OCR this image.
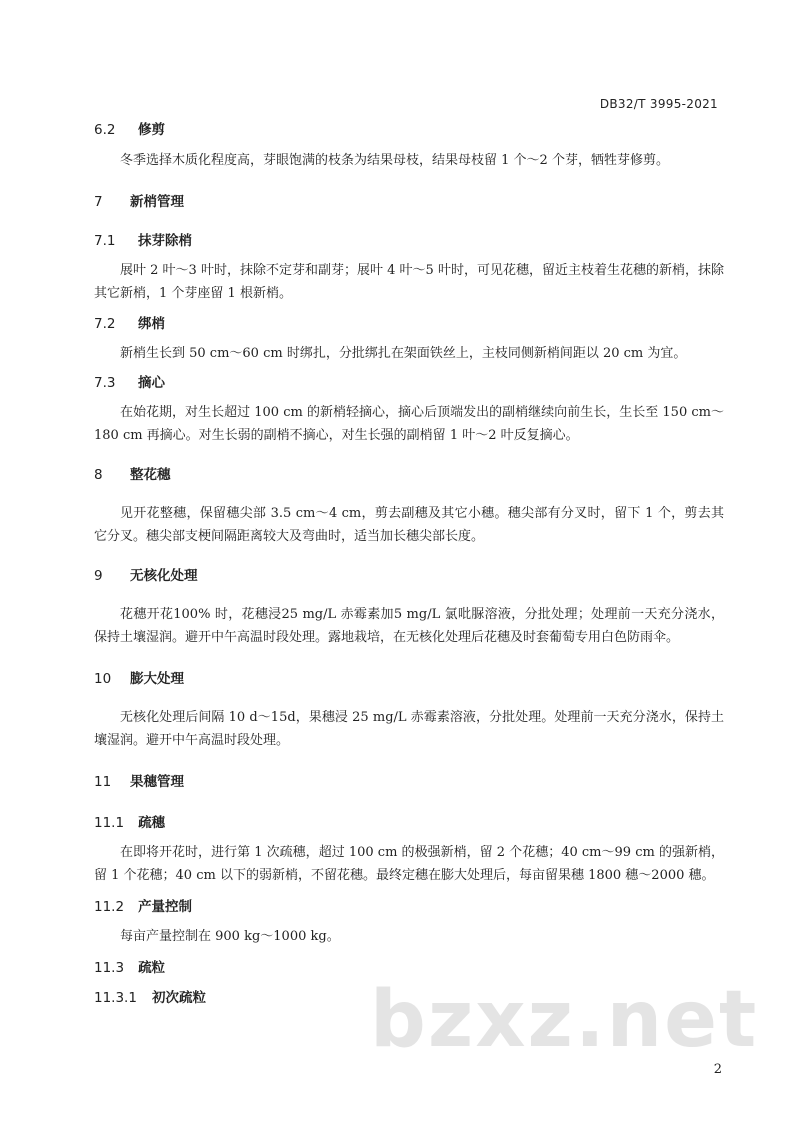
DB32/T 3995-2021
6.2	修剪

冬季选择木质化程度高，芽眼饱满的枝条为结果母枝，结果母枝留 1 个～2 个芽，牺牲芽修剪。

7	新梢管理
7.1	抹芽除梢

展叶 2 叶～3 叶时，抹除不定芽和副芽；展叶 4 叶～5 叶时，可见花穗，留近主枝着生花穗的新梢，抹除其它新梢，1 个芽座留 1 根新梢。

7.2	绑梢

新梢生长到 50 cm～60 cm 时绑扎，分批绑扎在架面铁丝上，主枝同侧新梢间距以 20 cm 为宜。

7.3	摘心

在始花期，对生长超过 100 cm 的新梢轻摘心，摘心后顶端发出的副梢继续向前生长，生长至 150 cm～180 cm 再摘心。对生长弱的副梢不摘心，对生长强的副梢留 1 叶～2 叶反复摘心。

8	整花穗

见开花整穗，保留穗尖部 3.5 cm～4 cm，剪去副穗及其它小穗。穗尖部有分叉时，留下 1 个，剪去其它分叉。穗尖部支梗间隔距离较大及弯曲时，适当加长穗尖部长度。

9	无核化处理

花穗开花100% 时，花穗浸25 mg/L 赤霉素加5 mg/L 氯吡脲溶液，分批处理；处理前一天充分浇水，保持土壤湿润。避开中午高温时段处理。露地栽培，在无核化处理后花穗及时套葡萄专用白色防雨伞。

10	膨大处理

无核化处理后间隔 10 d～15d，果穗浸 25 mg/L 赤霉素溶液，分批处理。处理前一天充分浇水，保持土壤湿润。避开中午高温时段处理。

11	果穗管理
11.1 疏穗

在即将开花时，进行第 1 次疏穗，超过 100 cm 的极强新梢，留 2 个花穗；40 cm～99 cm 的强新梢，留 1 个花穗；40 cm 以下的弱新梢，不留花穗。最终定穗在膨大处理后，每亩留果穗 1800 穗～2000 穗。

11.2 产量控制

每亩产量控制在 900 kg～1000 kg。

11.3 疏粒
11.3.1 初次疏粒 bzxz.net
2
